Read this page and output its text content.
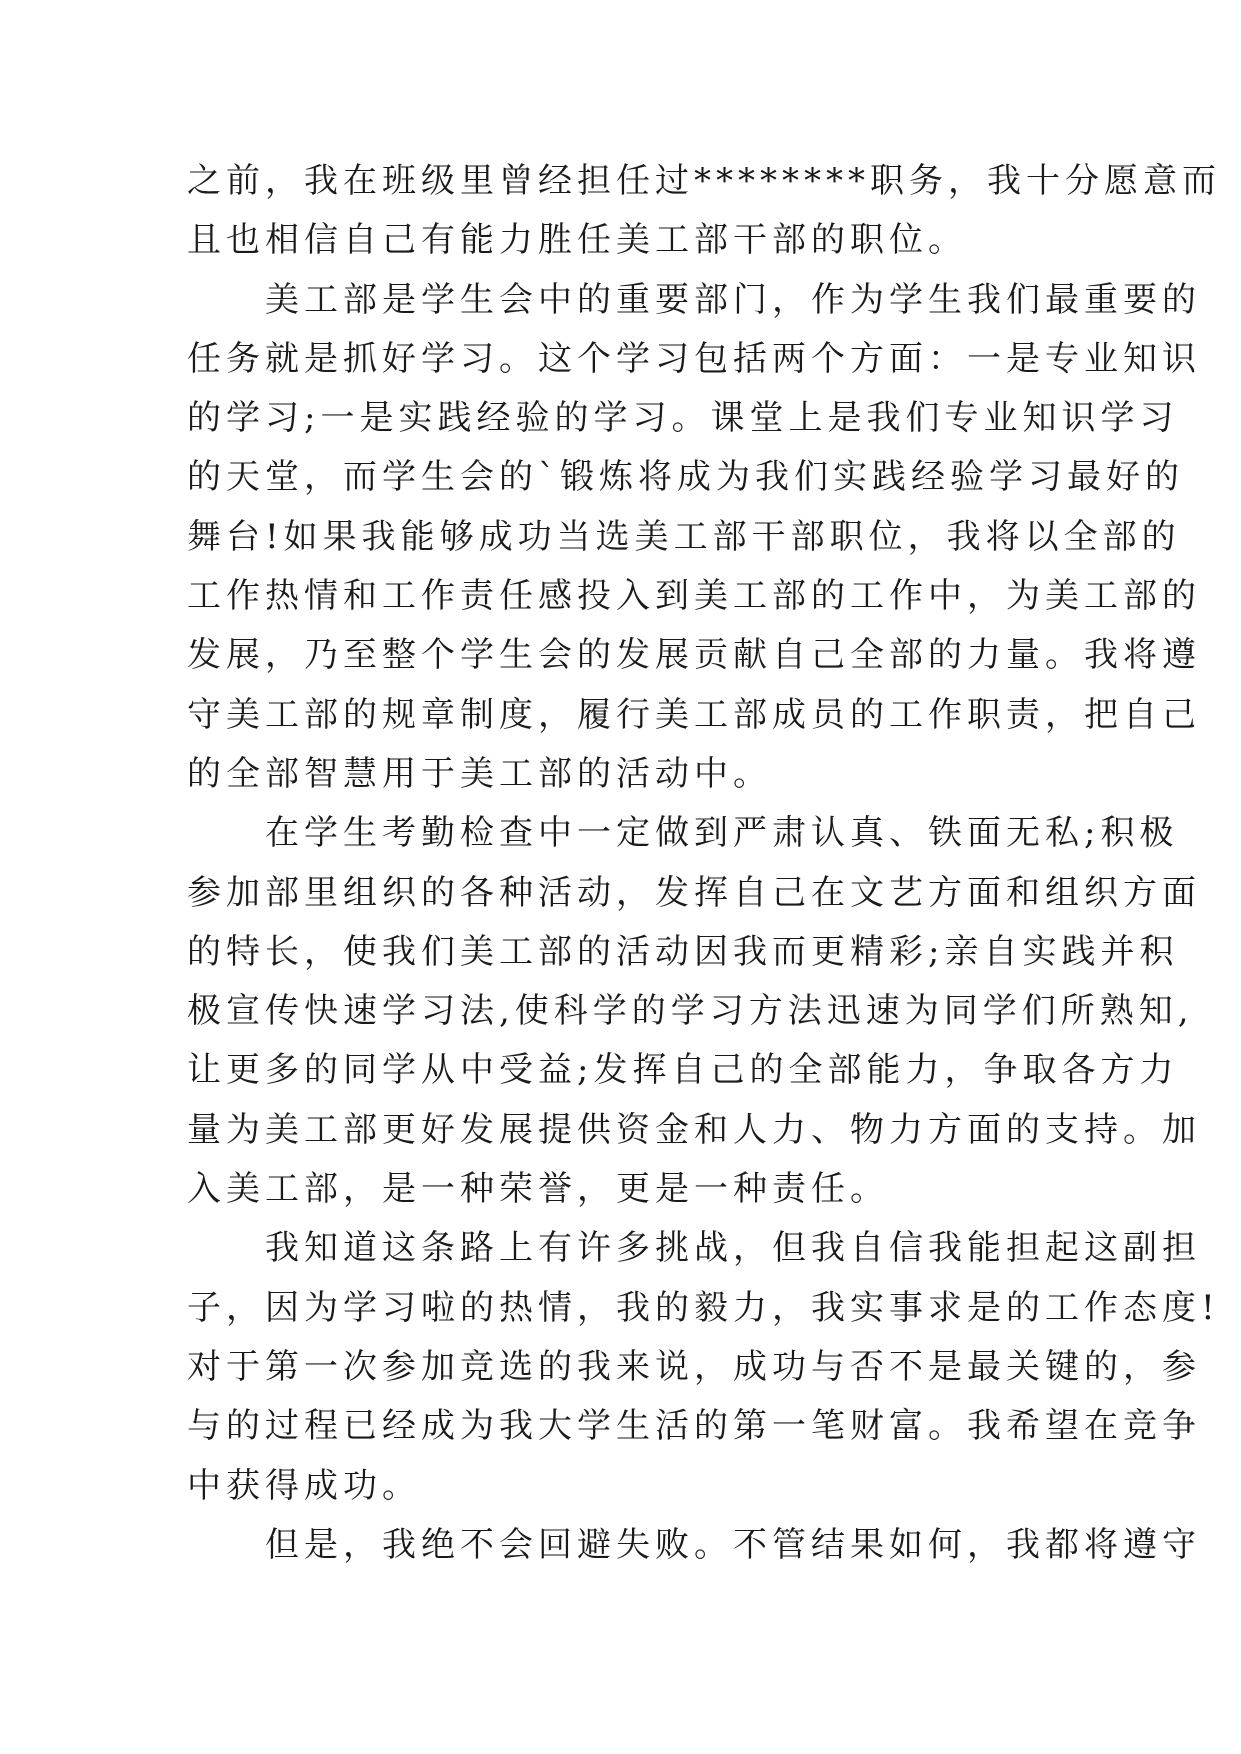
之前，我在班级里曾经担任过********职务，我十分愿意而
且也相信自己有能力胜任美工部干部的职位。
美工部是学生会中的重要部门，作为学生我们最重要的
任务就是抓好学习。这个学习包括两个方面：一是专业知识
的学习;一是实践经验的学习。课堂上是我们专业知识学习
的天堂，而学生会的`锻炼将成为我们实践经验学习最好的
舞台!如果我能够成功当选美工部干部职位，我将以全部的
工作热情和工作责任感投入到美工部的工作中，为美工部的
发展，乃至整个学生会的发展贡献自己全部的力量。我将遵
守美工部的规章制度，履行美工部成员的工作职责，把自己
的全部智慧用于美工部的活动中。
在学生考勤检查中一定做到严肃认真、铁面无私;积极
参加部里组织的各种活动，发挥自己在文艺方面和组织方面
的特长，使我们美工部的活动因我而更精彩;亲自实践并积
极宣传快速学习法,使科学的学习方法迅速为同学们所熟知,
让更多的同学从中受益;发挥自己的全部能力，争取各方力
量为美工部更好发展提供资金和人力、物力方面的支持。加
入美工部，是一种荣誉，更是一种责任。
我知道这条路上有许多挑战，但我自信我能担起这副担
子，因为学习啦的热情，我的毅力，我实事求是的工作态度!
对于第一次参加竞选的我来说，成功与否不是最关键的，参
与的过程已经成为我大学生活的第一笔财富。我希望在竞争
中获得成功。
但是，我绝不会回避失败。不管结果如何，我都将遵守
